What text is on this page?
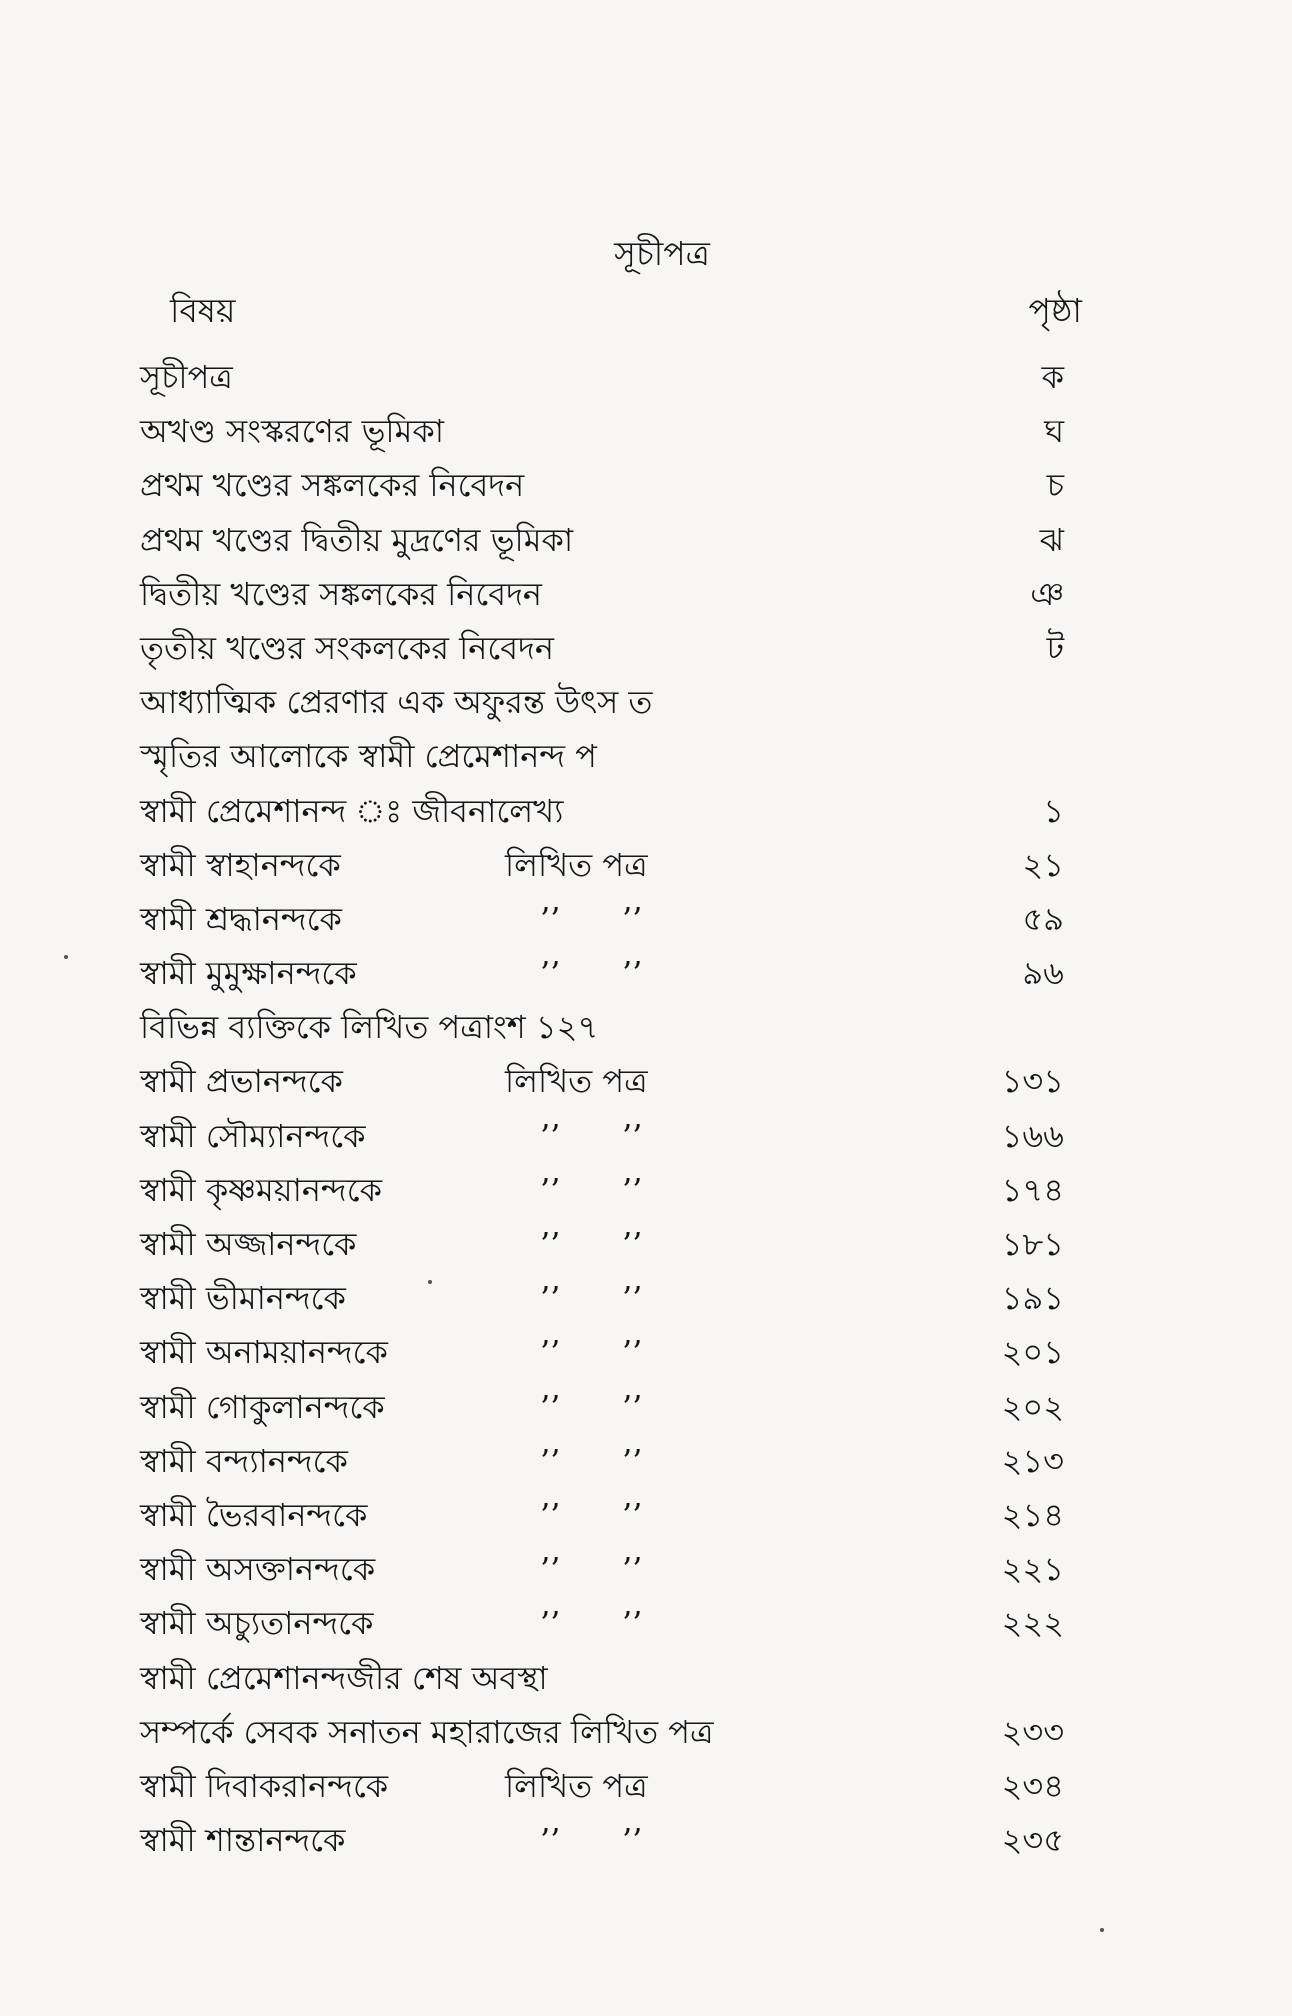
সূচীপত্র
বিষয়	পৃষ্ঠা
সূচীপত্র	ক
অখণ্ড সংস্করণের ভূমিকা	ঘ
প্রথম খণ্ডের সঙ্কলকের নিবেদন	চ
প্রথম খণ্ডের দ্বিতীয় মুদ্রণের ভূমিকা	ঝ
দ্বিতীয় খণ্ডের সঙ্কলকের নিবেদন	ঞ
তৃতীয় খণ্ডের সংকলকের নিবেদন	ট
আধ্যাত্মিক প্রেরণার এক অফুরন্ত উৎস ত
স্মৃতির আলোকে স্বামী প্রেমেশানন্দ প
স্বামী প্রেমেশানন্দ ঃ জীবনালেখ্য	১
স্বামী স্বাহানন্দকে	লিখিত পত্র	২১
স্বামী শ্রদ্ধানন্দকে	’’ ’’	৫৯
স্বামী মুমুক্ষানন্দকে	’’ ’’	৯৬
বিভিন্ন ব্যক্তিকে লিখিত পত্রাংশ ১২৭
স্বামী প্রভানন্দকে	লিখিত পত্র	১৩১
স্বামী সৌম্যানন্দকে	’’ ’’	১৬৬
স্বামী কৃষ্ণময়ানন্দকে	’’ ’’	১৭৪
স্বামী অজ্জানন্দকে	’’ ’’	১৮১
স্বামী ভীমানন্দকে	’’ ’’	১৯১
স্বামী অনাময়ানন্দকে	’’ ’’	২০১
স্বামী গোকুলানন্দকে	’’ ’’	২০২
স্বামী বন্দ্যানন্দকে	’’ ’’	২১৩
স্বামী ভৈরবানন্দকে	’’ ’’	২১৪
স্বামী অসক্তানন্দকে	’’ ’’	২২১
স্বামী অচ্যুতানন্দকে	’’ ’’	২২২
স্বামী প্রেমেশানন্দজীর শেষ অবস্থা
সম্পর্কে সেবক সনাতন মহারাজের লিখিত পত্র	২৩৩
স্বামী দিবাকরানন্দকে	লিখিত পত্র	২৩৪
স্বামী শান্তানন্দকে	’’ ’’	২৩৫
